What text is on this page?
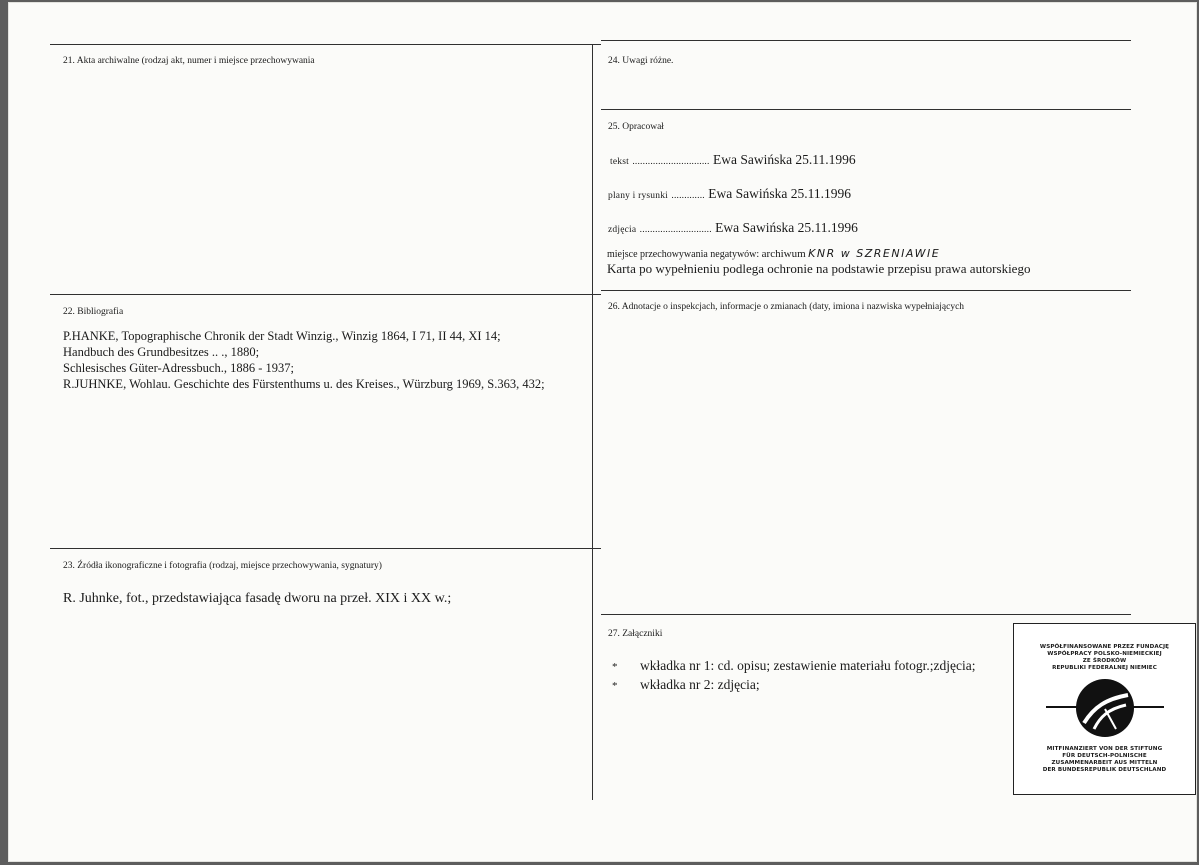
21. Akta archiwalne (rodzaj akt, numer i miejsce przechowywania	24. Uwagi różne.
25. Opracował
tekst .............................. Ewa Sawińska 25.11.1996
plany i rysunki ............. Ewa Sawińska 25.11.1996
zdjęcia ............................ Ewa Sawińska 25.11.1996
miejsce przechowywania negatywów: archiwum KNR w SZRENIAWIE
Karta po wypełnieniu podlega ochronie na podstawie przepisu prawa autorskiego
22. Bibliografia
P.HANKE, Topographische Chronik der Stadt Winzig., Winzig 1864, I 71, II 44, XI 14;
Handbuch des Grundbesitzes .. ., 1880;
Schlesisches Güter-Adressbuch., 1886 - 1937;
R.JUHNKE, Wohlau. Geschichte des Fürstenthums u. des Kreises., Würzburg 1969, S.363, 432;
26. Adnotacje o inspekcjach, informacje o zmianach (daty, imiona i nazwiska wypełniających
23. Źródła ikonograficzne i fotografia (rodzaj, miejsce przechowywania, sygnatury)
R. Juhnke, fot., przedstawiająca fasadę dworu na przeł. XIX i XX w.;
27. Załączniki
* wkładka nr 1: cd. opisu; zestawienie materiału fotogr.;zdjęcia;
* wkładka nr 2: zdjęcia;
WSPÓŁFINANSOWANE PRZEZ FUNDACJĘ
WSPÓŁPRACY POLSKO-NIEMIECKIEJ
ZE ŚRODKÓW
REPUBLIKI FEDERALNEJ NIEMIEC
MITFINANZIERT VON DER STIFTUNG
FÜR DEUTSCH-POLNISCHE
ZUSAMMENARBEIT AUS MITTELN
DER BUNDESREPUBLIK DEUTSCHLAND
